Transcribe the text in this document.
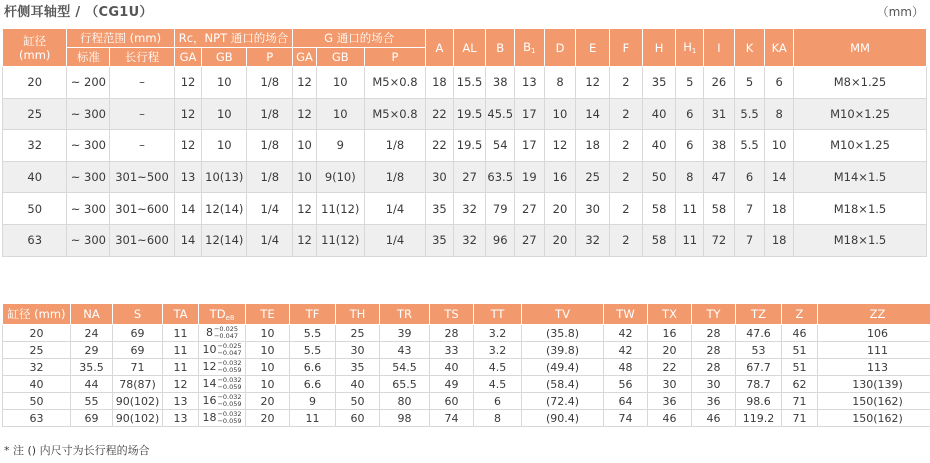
杆侧耳轴型 / （CG1U）	（mm）
缸径
(mm)	行程范围 (mm)		Rc，NPT 通口的场合			G 通口的场合			A	AL	B	$B_1$	D	E	F	H	$H_1$	I	K	KA	MM
	标准	长行程	GA	GB	P	GA	GB	P													
20	~ 200	–	12	10	1/8	12	10	M5×0.8	18	15.5	38	13	8	12	2	35	5	26	5	6	M8×1.25
25	~ 300	–	12	10	1/8	12	10	M5×0.8	22	19.5	45.5	17	10	14	2	40	6	31	5.5	8	M10×1.25
32	~ 300	–	12	10	1/8	10	9	1/8	22	19.5	54	17	12	18	2	40	6	38	5.5	10	M10×1.25
40	~ 300	301~500	13	10(13)	1/8	10	9(10)	1/8	30	27	63.5	19	16	25	2	50	8	47	6	14	M14×1.5
50	~ 300	301~600	14	12(14)	1/4	12	11(12)	1/4	35	32	79	27	20	30	2	58	11	58	7	18	M18×1.5
63	~ 300	301~600	14	12(14)	1/4	12	11(12)	1/4	35	32	96	27	20	32	2	58	11	72	7	18	M18×1.5
缸径 (mm)	NA	S	TA	$TD_{e8}$	TE	TF	TH	TR	TS	TT	TV	TW	TX	TY	TZ	Z	ZZ
20	24	69	11	8−0.025
−0.047	10	5.5	25	39	28	3.2	(35.8)	42	16	28	47.6	46	106
25	29	69	11	10−0.025
−0.047	10	5.5	30	43	33	3.2	(39.8)	42	20	28	53	51	111
32	35.5	71	11	12−0.032
−0.059	10	6.6	35	54.5	40	4.5	(49.4)	48	22	28	67.7	51	113
40	44	78(87)	12	14−0.032
−0.059	10	6.6	40	65.5	49	4.5	(58.4)	56	30	30	78.7	62	130(139)
50	55	90(102)	13	16−0.032
−0.059	20	9	50	80	60	6	(72.4)	64	36	36	98.6	71	150(162)
63	69	90(102)	13	18−0.032
−0.059	20	11	60	98	74	8	(90.4)	74	46	46	119.2	71	150(162)
* 注 () 内尺寸为长行程的场合
